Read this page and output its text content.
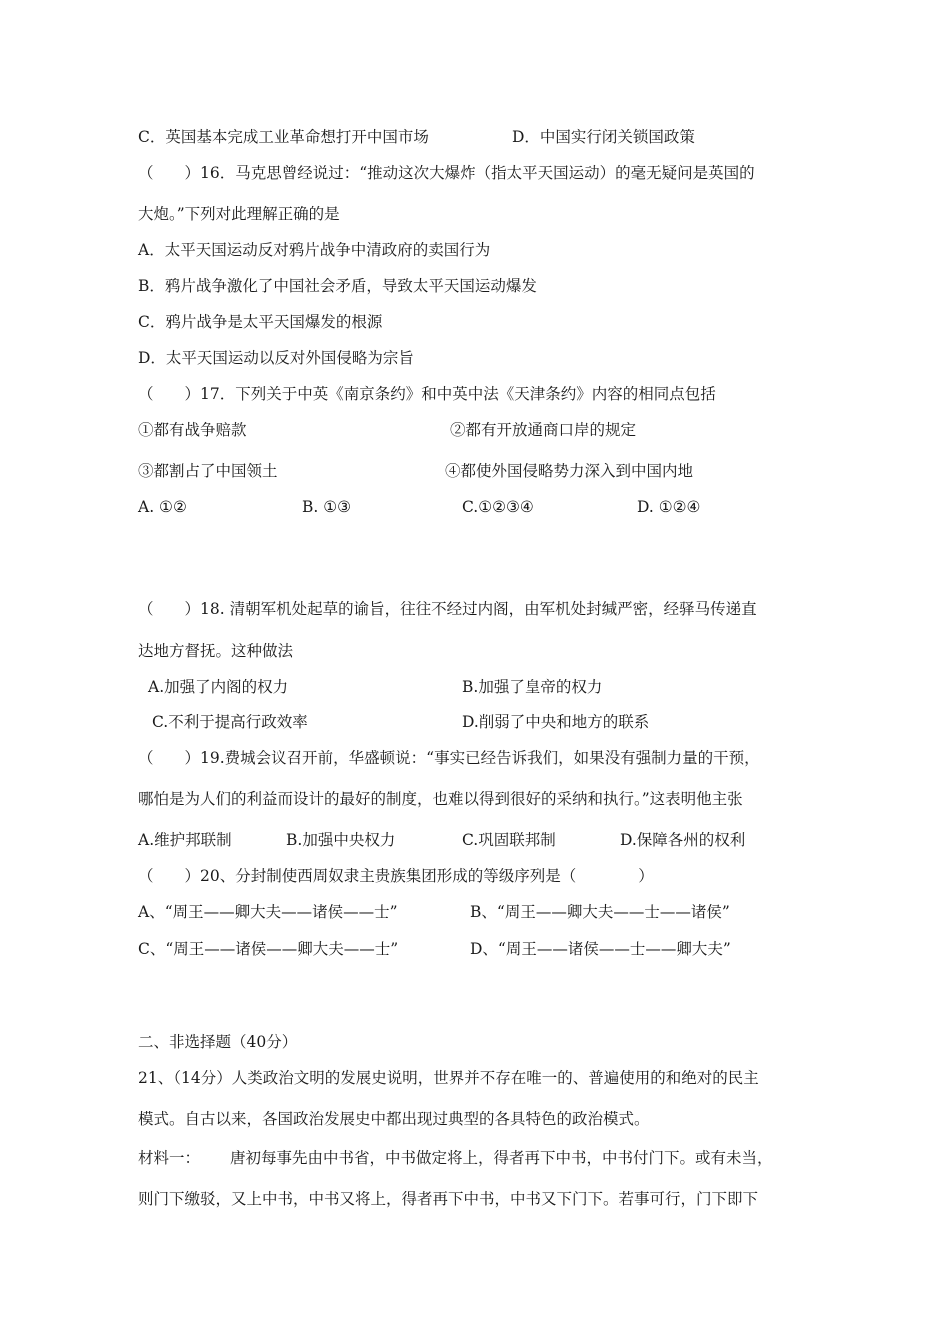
C．英国基本完成工业革命想打开中国市场	D．中国实行闭关锁国政策
（　　）16．马克思曾经说过：“推动这次大爆炸（指太平天国运动）的毫无疑问是英国的
大炮。”下列对此理解正确的是
A．太平天国运动反对鸦片战争中清政府的卖国行为
B．鸦片战争激化了中国社会矛盾，导致太平天国运动爆发
C．鸦片战争是太平天国爆发的根源
D．太平天国运动以反对外国侵略为宗旨
（　　）17．下列关于中英《南京条约》和中英中法《天津条约》内容的相同点包括
①都有战争赔款	②都有开放通商口岸的规定
③都割占了中国领土	④都使外国侵略势力深入到中国内地
A. ①②	B. ①③	C.①②③④	D. ①②④
（　　）18. 清朝军机处起草的谕旨，往往不经过内阁，由军机处封缄严密，经驿马传递直
达地方督抚。这种做法
A.加强了内阁的权力	B.加强了皇帝的权力
C.不利于提高行政效率	D.削弱了中央和地方的联系
（　　）19.费城会议召开前，华盛顿说：“事实已经告诉我们，如果没有强制力量的干预，
哪怕是为人们的利益而设计的最好的制度，也难以得到很好的采纳和执行。”这表明他主张
A.维护邦联制	B.加强中央权力	C.巩固联邦制	D.保障各州的权利
（　　）20、分封制使西周奴隶主贵族集团形成的等级序列是（　　　　）
A、“周王——卿大夫——诸侯——士”	B、“周王——卿大夫——士——诸侯”
C、“周王——诸侯——卿大夫——士”	D、“周王——诸侯——士——卿大夫”
二、非选择题（40分）
21、（14分）人类政治文明的发展史说明，世界并不存在唯一的、普遍使用的和绝对的民主
模式。自古以来，各国政治发展史中都出现过典型的各具特色的政治模式。
材料一： 唐初每事先由中书省，中书做定将上，得者再下中书，中书付门下。或有未当，
则门下缴驳，又上中书，中书又将上，得者再下中书，中书又下门下。若事可行，门下即下
